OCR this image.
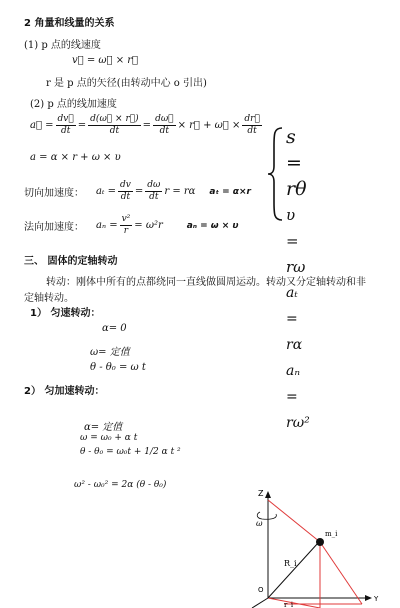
2 角量和线量的关系
(1) p 点的线速度
v⃗ = ω⃗ × r⃗
r 是 p 点的矢径(由转动中心 o 引出)
(2) p 点的线加速度
a⃗ = $\frac{dv⃗}{dt} = \frac{d(\omega⃗ \times r⃗)}{dt} = \frac{d\omega⃗}{dt}$ × r⃗ + ω⃗ × $\frac{dr⃗}{dt}$
a = α × r + ω × υ
切向加速度： $a_t = \frac{dv}{dt} = \frac{d\omega}{dt}$ r = rα aₜ = α×r
法向加速度： $a_n = \frac{\text{v²}}{r} = \omega^2r$	aₙ = ω × υ
s = rθ
υ = rω
aₜ = rα
aₙ = rω²
三、 固体的定轴转动
转动：刚体中所有的点都绕同一直线做圆周运动。转动又分定轴转动和非
定轴转动。
1） 匀速转动：
α= 0
ω= 定值
θ - θ₀ = ω t
2） 匀加速转动：
α= 定值
ω = ω₀ + α t
θ - θ₀ = ω₀t + 1/2 α t ²
ω² - ω₀² = 2α (θ - θ₀)
m_i
R_i
Z
ω
O
Y
r_i
